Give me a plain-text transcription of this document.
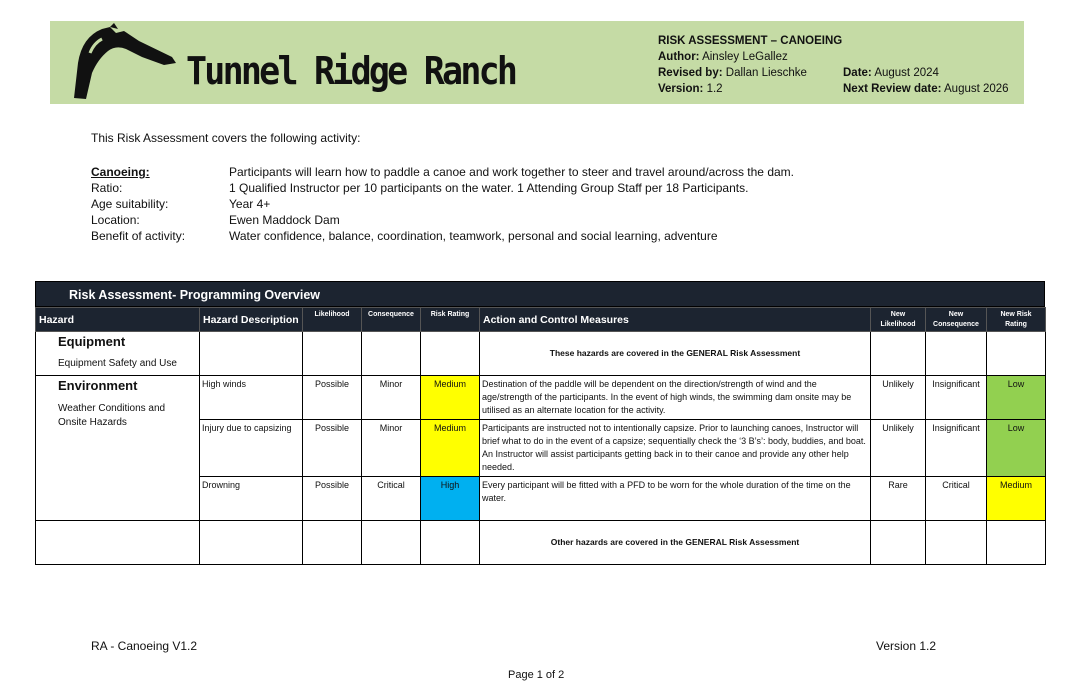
Tunnel Ridge Ranch
RISK ASSESSMENT – CANOEING
Author: Ainsley LeGallez
Revised by: Dallan Lieschke	Date: August 2024
Version: 1.2	Next Review date: August 2026
This Risk Assessment covers the following activity:
Canoeing:	Participants will learn how to paddle a canoe and work together to steer and travel around/across the dam.
Ratio:	1 Qualified Instructor per 10 participants on the water. 1 Attending Group Staff per 18 Participants.
Age suitability:	Year 4+
Location:	Ewen Maddock Dam
Benefit of activity:	Water confidence, balance, coordination, teamwork, personal and social learning, adventure
Risk Assessment- Programming Overview
Hazard	Hazard Description	Likelihood	Consequence	Risk Rating	Action and Control Measures	New Likelihood	New Consequence	New Risk Rating

Equipment
Equipment Safety and Use					These hazards are covered in the GENERAL Risk Assessment			

Environment
Weather Conditions and Onsite Hazards	High winds	Possible	Minor	Medium	Destination of the paddle will be dependent on the direction/strength of wind and the age/strength of the participants. In the event of high winds, the swimming dam onsite may be utilised as an alternate location for the activity.	Unlikely	Insignificant	Low
	Injury due to capsizing	Possible	Minor	Medium	Participants are instructed not to intentionally capsize. Prior to launching canoes, Instructor will brief what to do in the event of a capsize; sequentially check the ‘3 B’s’: body, buddies, and boat. An Instructor will assist participants getting back in to their canoe and provide any other help needed.	Unlikely	Insignificant	Low
	Drowning	Possible	Critical	High	Every participant will be fitted with a PFD to be worn for the whole duration of the time on the water.	Rare	Critical	Medium
					Other hazards are covered in the GENERAL Risk Assessment			
RA - Canoeing V1.2	Version 1.2
Page 1 of 2
